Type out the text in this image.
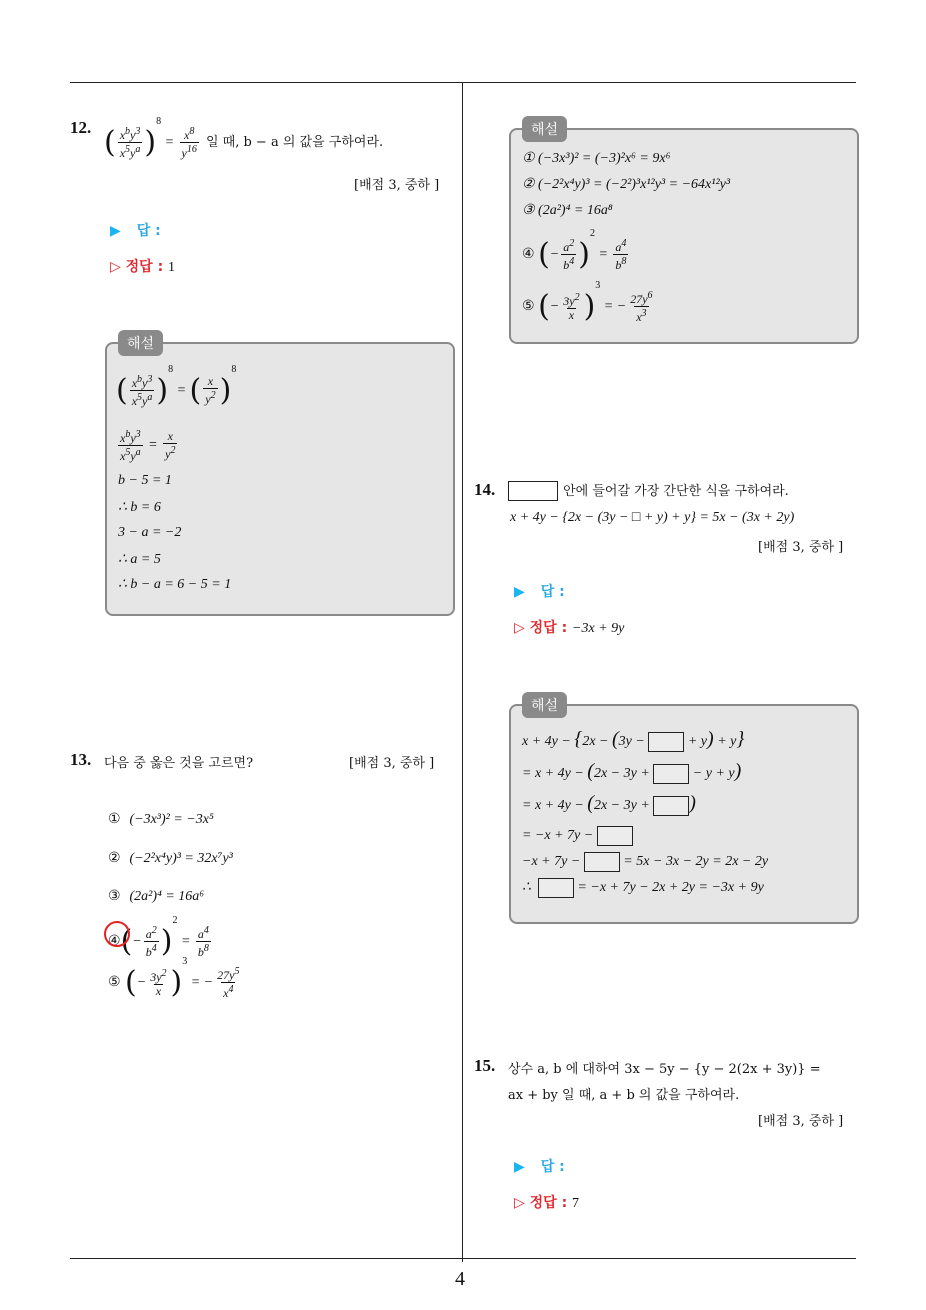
4
12. ( $\frac{x^by^3}{x^5y^a} )^8 = \frac{x^8}{y^{16}}$ 일 때, b − a 의 값을 구하여라.
[배점 3, 중하 ]
▶ 답 :
▷ 정답 : 1
해설
( $\frac{x^by^3}{x^5y^a} )^8$ = ( $\frac{x}{y^2} )^8$
$\frac{x^by^3}{x^5y^a} = \frac{x}{y^2}$
b − 5 = 1
∴ b = 6
3 − a = −2
∴ a = 5
∴ b − a = 6 − 5 = 1
13. 다음 중 옳은 것을 고르면?	[배점 3, 중하 ]
① (−3x³)² = −3x⁵
② (−2²x⁴y)³ = 32x⁷y³
③ (2a²)⁴ = 16a⁶
④(− $\frac{a^2}{b^4} )^2 = \frac{a^4}{b^8}$
⑤ (− $\frac{3y^2}{x} )^3$ = − $\frac{27y^5}{x^4}$
해설
① (−3x³)² = (−3)²x⁶ = 9x⁶
② (−2²x⁴y)³ = (−2²)³x¹²y³ = −64x¹²y³
③ (2a²)⁴ = 16a⁸
④ (− $\frac{a^2}{b^4} )^2 = \frac{a^4}{b^8}$
⑤ (− $\frac{3y^2}{x} )^3$ = − $\frac{27y^6}{x^3}$
14.	안에 들어갈 가장 간단한 식을 구하여라.
x + 4y − {2x − (3y − □ + y) + y} = 5x − (3x + 2y)
[배점 3, 중하 ]
▶ 답 :
▷ 정답 : −3x + 9y
해설
x + 4y − {2x − (3y −	+ y) + y}
= x + 4y − (2x − 3y +	− y + y)
= x + 4y − (2x − 3y + )
= −x + 7y −
−x + 7y −	= 5x − 3x − 2y = 2x − 2y
∴	= −x + 7y − 2x + 2y = −3x + 9y
15. 상수 a, b 에 대하여 3x − 5y − {y − 2(2x + 3y)} =
ax + by 일 때, a + b 의 값을 구하여라.
[배점 3, 중하 ]
▶ 답 :
▷ 정답 : 7
